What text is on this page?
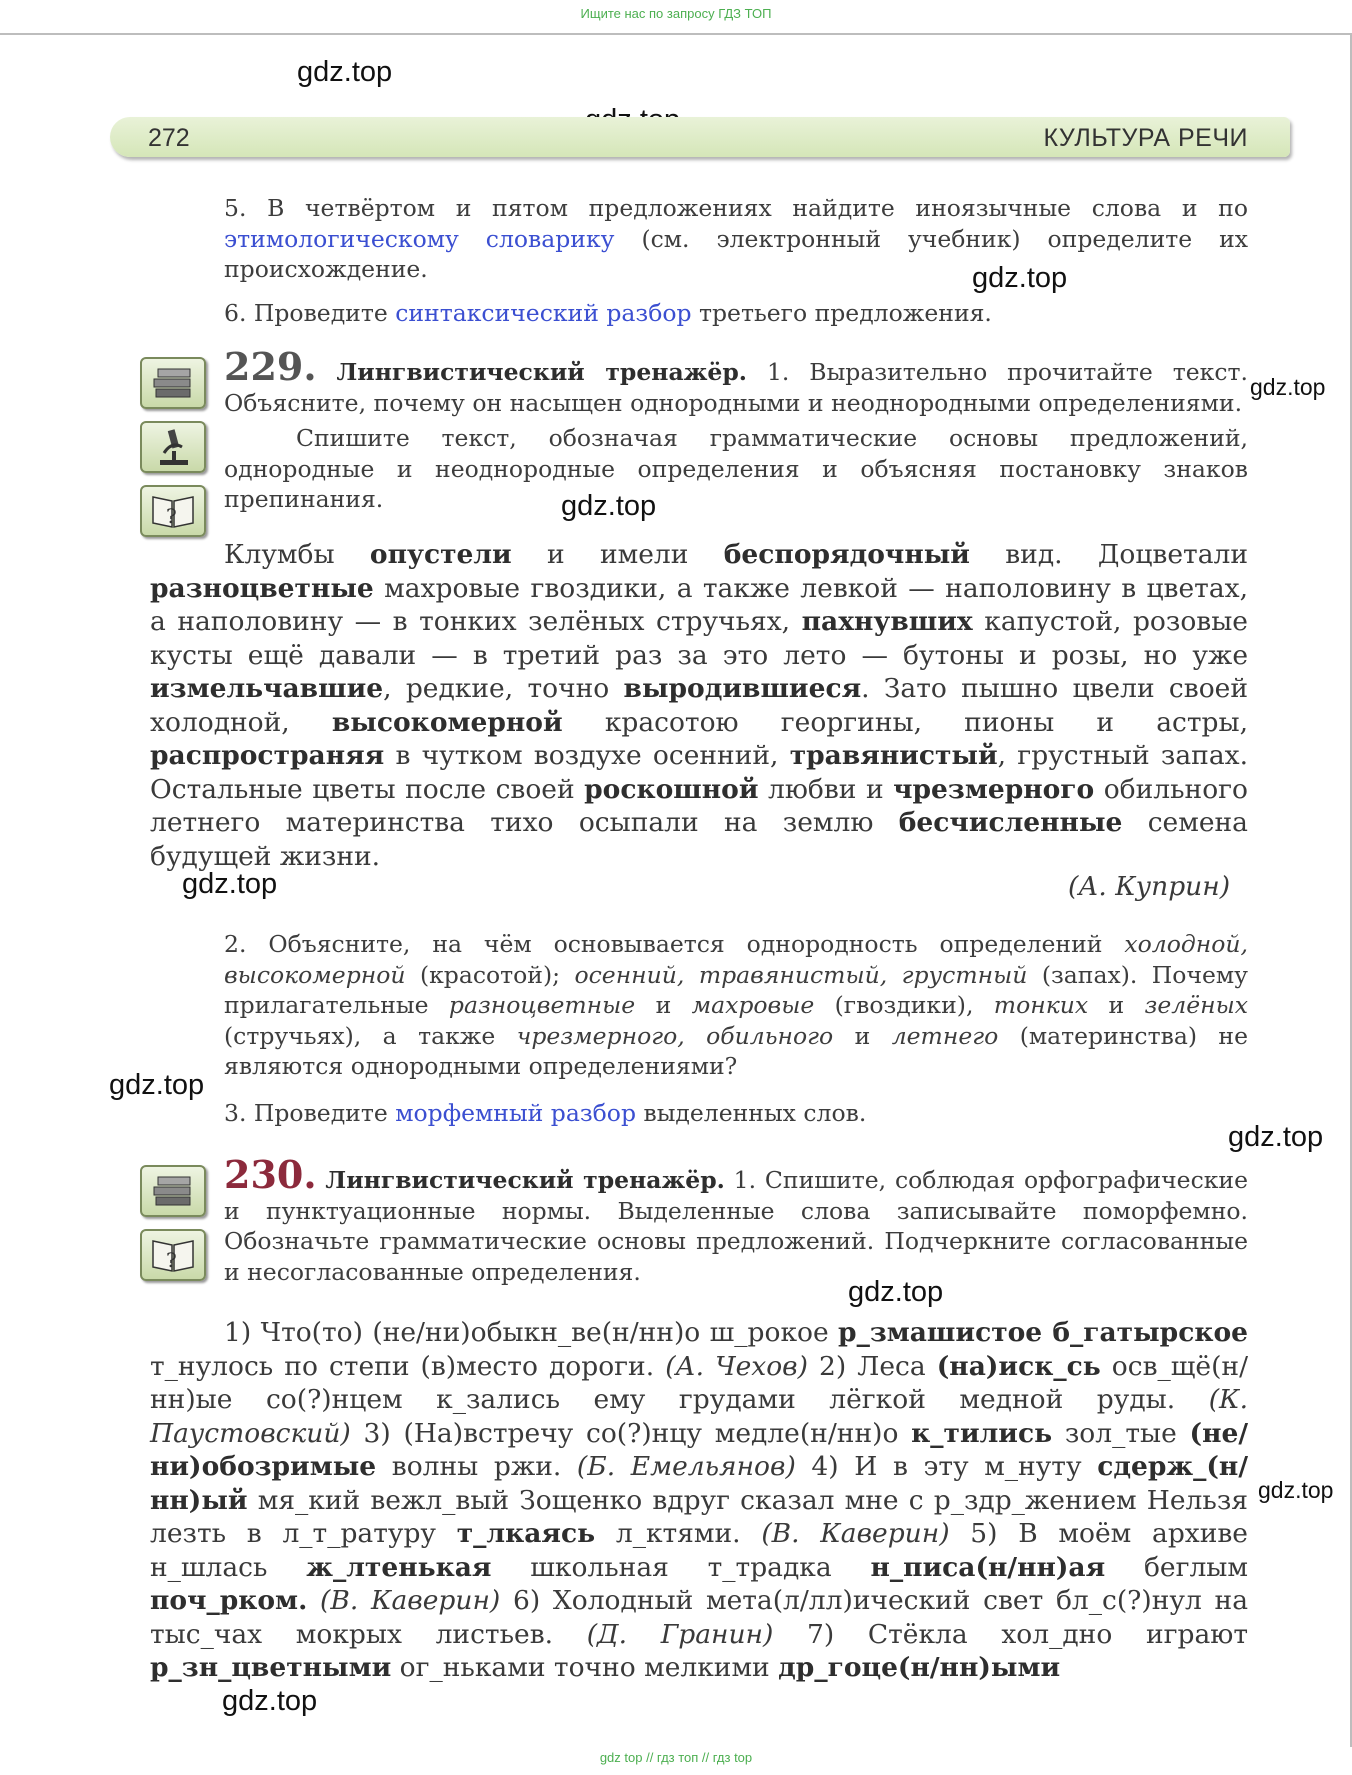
Ищите нас по запросу ГДЗ ТОП
gdz.top
gdz.top
gdz.top
gdz.top
gdz.top
gdz.top
gdz.top
gdz.top
gdz.top
gdz.top
272	КУЛЬТУРА РЕЧИ

5. В четвёртом и пятом предложениях найдите иноязычные слова и по этимологическому словарику (см. электронный учебник) определите их происхождение.

6. Проведите синтаксический разбор третьего предложения.

?

229. Лингвистический тренажёр. 1. Выразительно прочитайте текст. Объясните, почему он насыщен однородными и неоднородными определениями.

Спишите текст, обозначая грамматические основы предложений, однородные и неоднородные определения и объясняя постановку знаков препинания.

Клумбы опустели и имели беспорядочный вид. Доцветали разноцветные махровые гвоздики, а также левкой — наполовину в цветах, а наполовину — в тонких зелёных стручьях, пахнувших капустой, розовые кусты ещё давали — в третий раз за это лето — бутоны и розы, но уже измельчавшие, редкие, точно выродившиеся. Зато пышно цвели своей холодной, высокомерной красотою георгины, пионы и астры, распространяя в чутком воздухе осенний, травянистый, грустный запах. Остальные цветы после своей роскошной любви и чрезмерного обильного летнего материнства тихо осыпали на землю бесчисленные семена будущей жизни.

(А. Куприн)

2. Объясните, на чём основывается однородность определений холодной, высокомерной (красотой); осенний, травянистый, грустный (запах). Почему прилагательные разноцветные и махровые (гвоздики), тонких и зелёных (стручьях), а также чрезмерного, обильного и летнего (материнства) не являются однородными определениями?

3. Проведите морфемный разбор выделенных слов.

?

230. Лингвистический тренажёр. 1. Спишите, соблюдая орфографические и пунктуационные нормы. Выделенные слова записывайте поморфемно. Обозначьте грамматические основы предложений. Подчеркните согласованные и несогласованные определения.

1) Что(то) (не/ни)обыкн_ве(н/нн)о ш_рокое р_змашистое б_гатырское т_нулось по степи (в)место дороги. (А. Чехов) 2) Леса (на)иск_сь осв_щё(н/нн)ые со(?)нцем к_зались ему грудами лёгкой медной руды. (К. Паустовский) 3) (На)встречу со(?)нцу медле(н/нн)о к_тились зол_тые (не/ни)обозримые волны ржи. (Б. Емельянов) 4) И в эту м_нуту сдерж_(н/нн)ый мя_кий вежл_вый Зощенко вдруг сказал мне с р_здр_жением Нельзя лезть в л_т_ратуру т_лкаясь л_ктями. (В. Каверин) 5) В моём архиве н_шлась ж_лтенькая школьная т_традка н_писа(н/нн)ая беглым поч_рком. (В. Каверин) 6) Холодный мета(л/лл)ический свет бл_с(?)нул на тыс_чах мокрых листьев. (Д. Гранин) 7) Стёкла хол_дно играют р_зн_цветными ог_ньками точно мелкими др_гоце(н/нн)ыми

gdz top // гдз топ // гдз top
